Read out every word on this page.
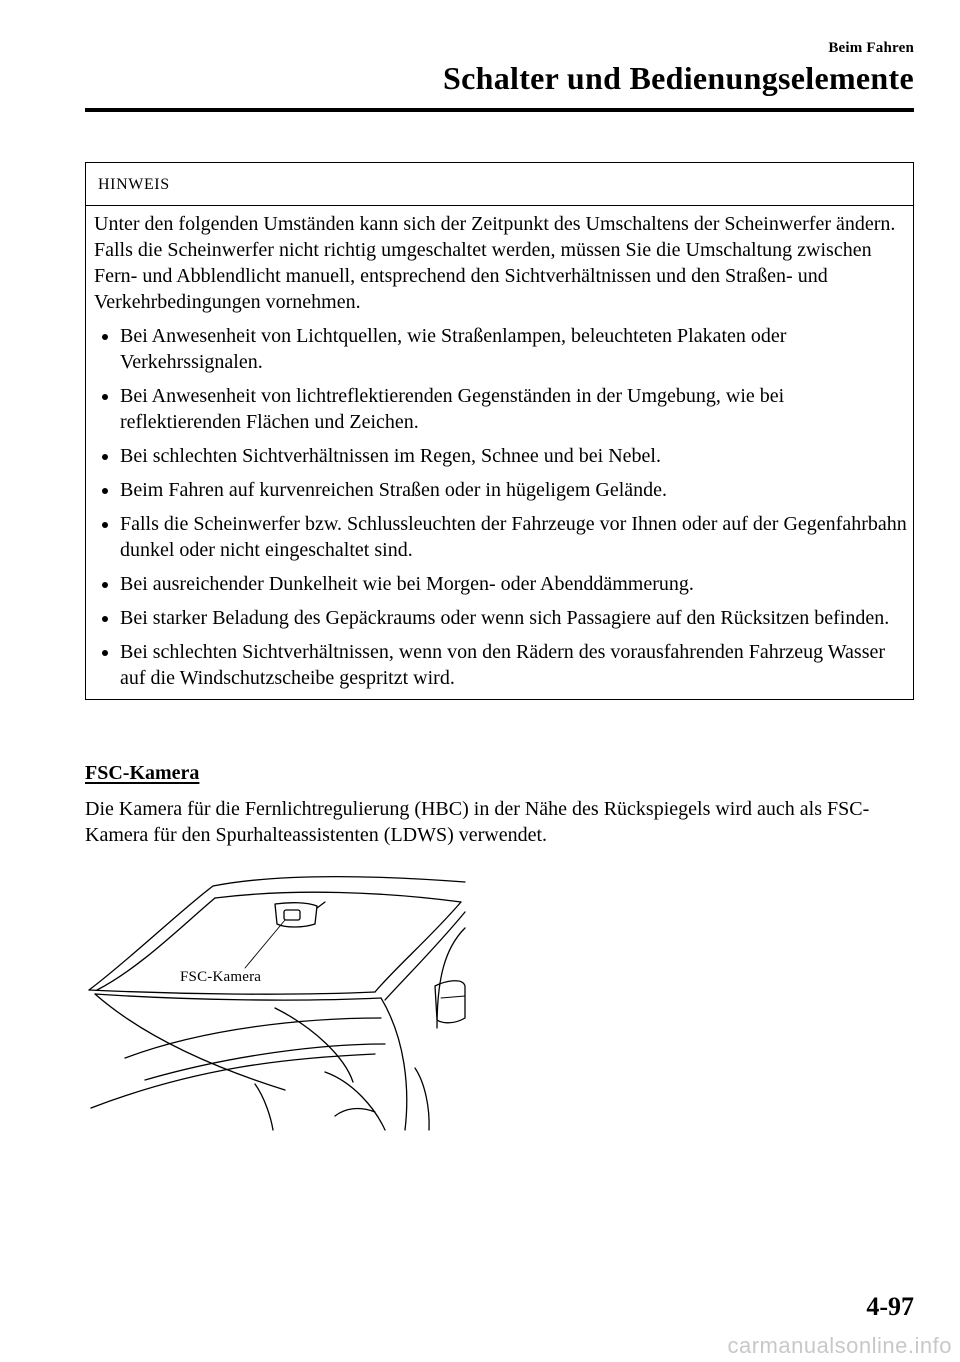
Beim Fahren
Schalter und Bedienungselemente
HINWEIS

Unter den folgenden Umständen kann sich der Zeitpunkt des Umschaltens der Scheinwerfer ändern. Falls die Scheinwerfer nicht richtig umgeschaltet werden, müssen Sie die Umschaltung zwischen Fern- und Abblendlicht manuell, entsprechend den Sichtverhältnissen und den Straßen- und Verkehrbedingungen vornehmen.

Bei Anwesenheit von Lichtquellen, wie Straßenlampen, beleuchteten Plakaten oder Verkehrssignalen.
Bei Anwesenheit von lichtreflektierenden Gegenständen in der Umgebung, wie bei reflektierenden Flächen und Zeichen.
Bei schlechten Sichtverhältnissen im Regen, Schnee und bei Nebel.
Beim Fahren auf kurvenreichen Straßen oder in hügeligem Gelände.
Falls die Scheinwerfer bzw. Schlussleuchten der Fahrzeuge vor Ihnen oder auf der Gegenfahrbahn dunkel oder nicht eingeschaltet sind.
Bei ausreichender Dunkelheit wie bei Morgen- oder Abenddämmerung.
Bei starker Beladung des Gepäckraums oder wenn sich Passagiere auf den Rücksitzen befinden.
Bei schlechten Sichtverhältnissen, wenn von den Rädern des vorausfahrenden Fahrzeug Wasser auf die Windschutzscheibe gespritzt wird.
FSC-Kamera
Die Kamera für die Fernlichtregulierung (HBC) in der Nähe des Rückspiegels wird auch als FSC-Kamera für den Spurhalteassistenten (LDWS) verwendet.
FSC-Kamera
4-97
carmanualsonline.info
